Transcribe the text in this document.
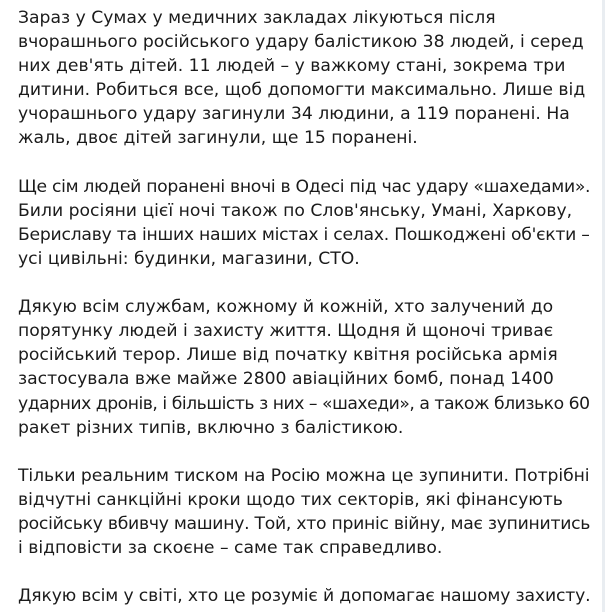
Зараз у Сумах у медичних закладах лікуються після
вчорашнього російського удару балістикою 38 людей, і серед
них дев'ять дітей. 11 людей – у важкому стані, зокрема три
дитини. Робиться все, щоб допомогти максимально. Лише від
учорашнього удару загинули 34 людини, а 119 поранені. На
жаль, двоє дітей загинули, ще 15 поранені.
Ще сім людей поранені вночі в Одесі під час удару «шахедами».
Били росіяни цієї ночі також по Слов'янську, Умані, Харкову,
Бериславу та інших наших містах і селах. Пошкоджені об'єкти –
усі цивільні: будинки, магазини, СТО.
Дякую всім службам, кожному й кожній, хто залучений до
порятунку людей і захисту життя. Щодня й щоночі триває
російський терор. Лише від початку квітня російська армія
застосувала вже майже 2800 авіаційних бомб, понад 1400
ударних дронів, і більшість з них – «шахеди», а також близько 60
ракет різних типів, включно з балістикою.
Тільки реальним тиском на Росію можна це зупинити. Потрібні
відчутні санкційні кроки щодо тих секторів, які фінансують
російську вбивчу машину. Той, хто приніс війну, має зупинитись
і відповісти за скоєне – саме так справедливо.
Дякую всім у світі, хто це розуміє й допомагає нашому захисту.
